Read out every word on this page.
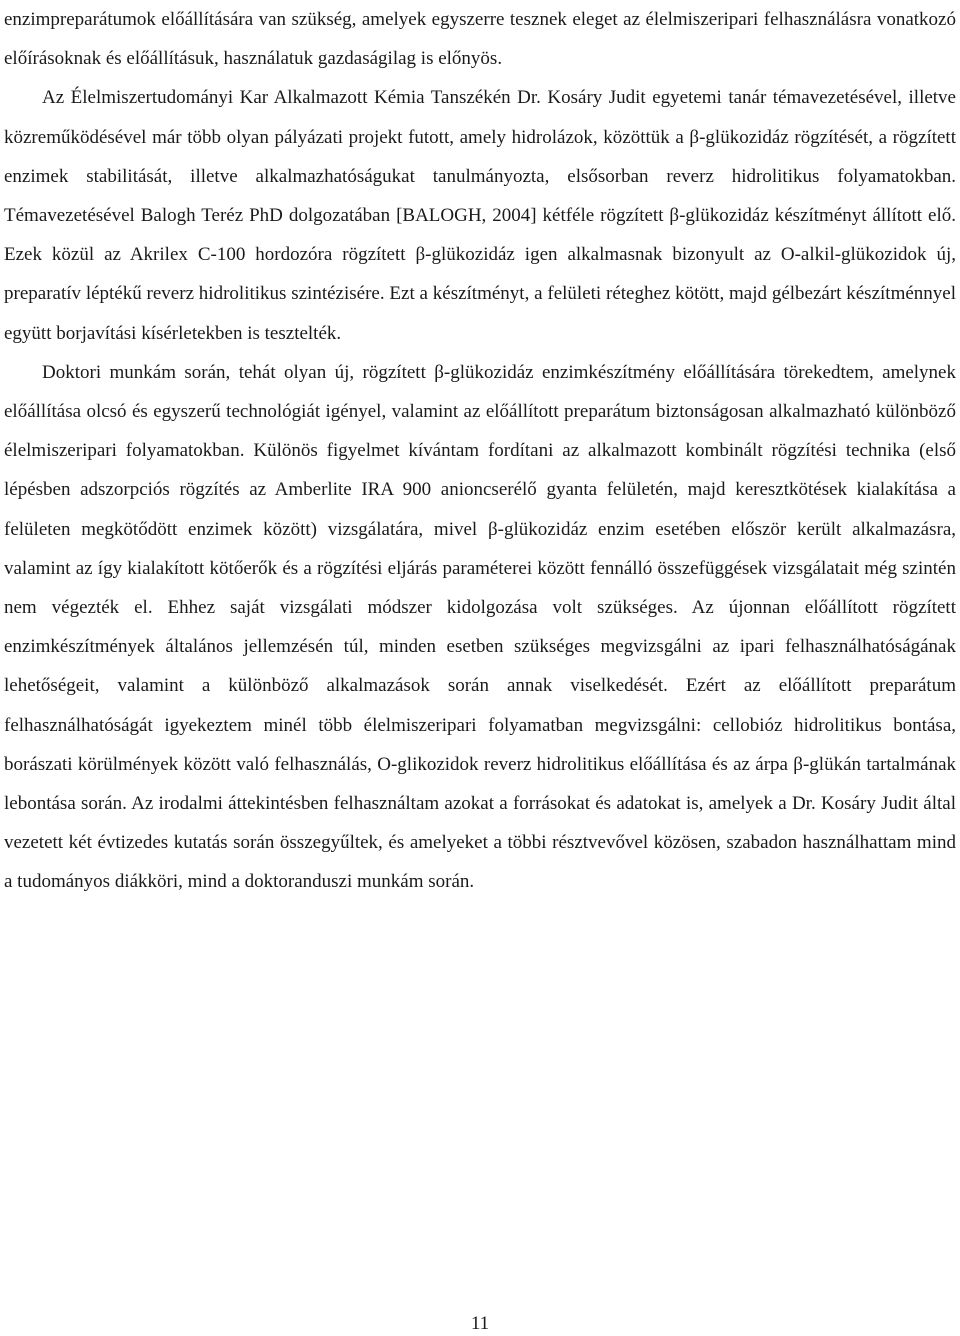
enzimpreparátumok előállítására van szükség, amelyek egyszerre tesznek eleget az élelmiszeripari felhasználásra vonatkozó előírásoknak és előállításuk, használatuk gazdaságilag is előnyös.

Az Élelmiszertudományi Kar Alkalmazott Kémia Tanszékén Dr. Kosáry Judit egyetemi tanár témavezetésével, illetve közreműködésével már több olyan pályázati projekt futott, amely hidrolázok, közöttük a β-glükozidáz rögzítését, a rögzített enzimek stabilitását, illetve alkalmazhatóságukat tanulmányozta, elsősorban reverz hidrolitikus folyamatokban. Témavezetésével Balogh Teréz PhD dolgozatában [BALOGH, 2004] kétféle rögzített β-glükozidáz készítményt állított elő. Ezek közül az Akrilex C-100 hordozóra rögzített β-glükozidáz igen alkalmasnak bizonyult az O-alkil-glükozidok új, preparatív léptékű reverz hidrolitikus szintézisére. Ezt a készítményt, a felületi réteghez kötött, majd gélbezárt készítménnyel együtt borjavítási kísérletekben is tesztelték.

Doktori munkám során, tehát olyan új, rögzített β-glükozidáz enzimkészítmény előállítására törekedtem, amelynek előállítása olcsó és egyszerű technológiát igényel, valamint az előállított preparátum biztonságosan alkalmazható különböző élelmiszeripari folyamatokban. Különös figyelmet kívántam fordítani az alkalmazott kombinált rögzítési technika (első lépésben adszorpciós rögzítés az Amberlite IRA 900 anioncserélő gyanta felületén, majd keresztkötések kialakítása a felületen megkötődött enzimek között) vizsgálatára, mivel β-glükozidáz enzim esetében először került alkalmazásra, valamint az így kialakított kötőerők és a rögzítési eljárás paraméterei között fennálló összefüggések vizsgálatait még szintén nem végezték el. Ehhez saját vizsgálati módszer kidolgozása volt szükséges. Az újonnan előállított rögzített enzimkészítmények általános jellemzésén túl, minden esetben szükséges megvizsgálni az ipari felhasználhatóságának lehetőségeit, valamint a különböző alkalmazások során annak viselkedését. Ezért az előállított preparátum felhasználhatóságát igyekeztem minél több élelmiszeripari folyamatban megvizsgálni: cellobióz hidrolitikus bontása, borászati körülmények között való felhasználás, O-glikozidok reverz hidrolitikus előállítása és az árpa β-glükán tartalmának lebontása során. Az irodalmi áttekintésben felhasználtam azokat a forrásokat és adatokat is, amelyek a Dr. Kosáry Judit által vezetett két évtizedes kutatás során összegyűltek, és amelyeket a többi résztvevővel közösen, szabadon használhattam mind a tudományos diákköri, mind a doktoranduszi munkám során.

11
